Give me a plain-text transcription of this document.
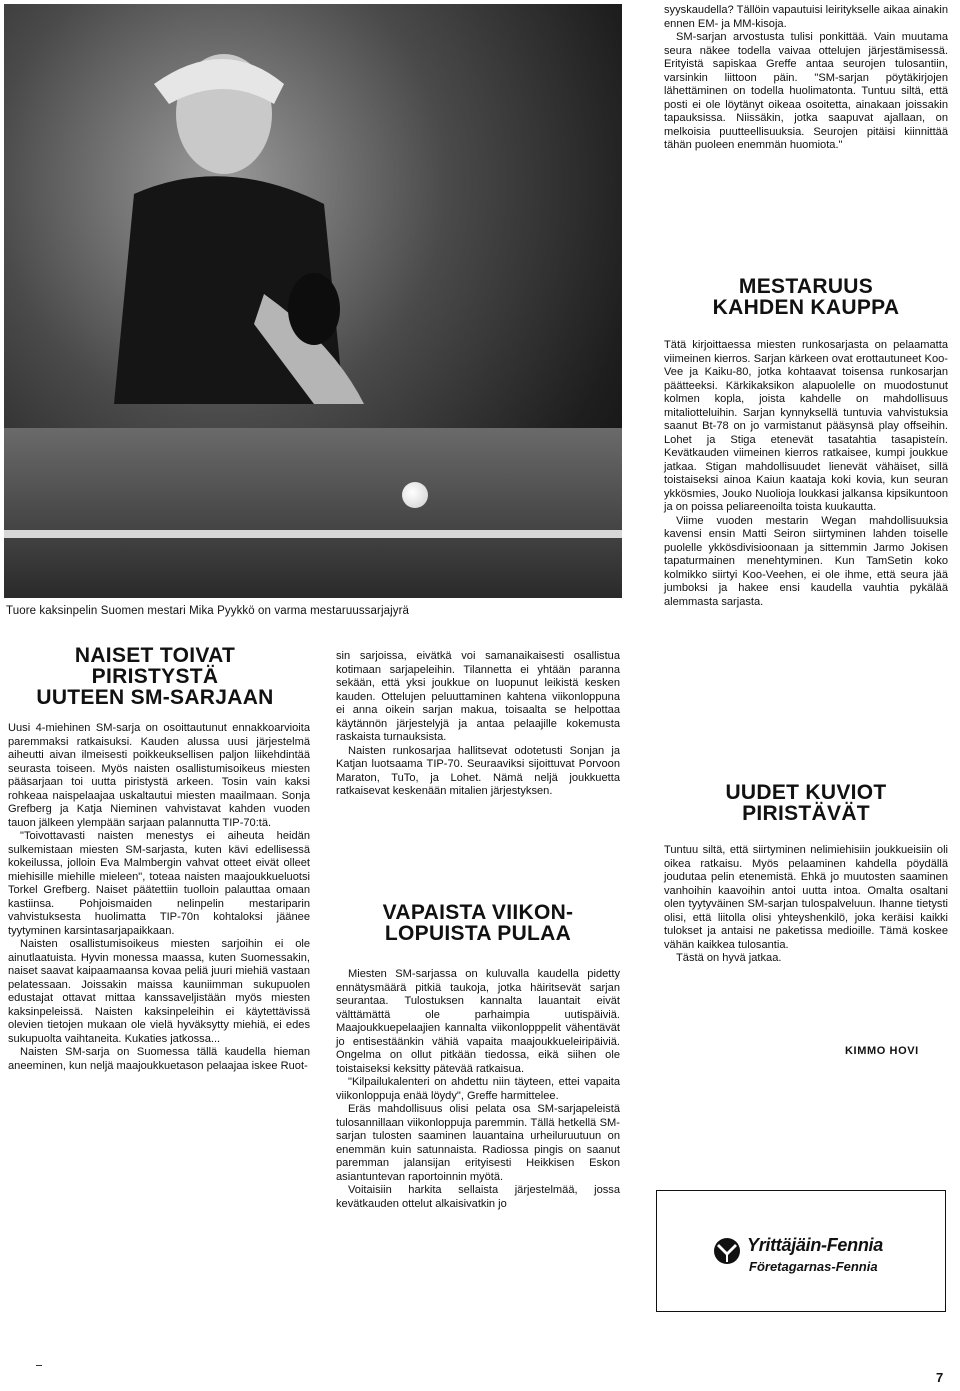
Tuore kaksinpelin Suomen mestari Mika Pyykkö on varma mestaruussarjajyrä
NAISET TOIVAT
PIRISTYSTÄ
UUTEEN SM-SARJAAN

Uusi 4-miehinen SM-sarja on osoittautunut ennakkoarvioita paremmaksi ratkaisuksi. Kauden alussa uusi järjestelmä aiheutti aivan ilmeisesti poikkeuksellisen paljon liikehdintää seurasta toiseen. Myös naisten osallistumisoikeus miesten pääsarjaan toi uutta piristystä arkeen. Tosin vain kaksi rohkeaa naispelaajaa uskaltautui miesten maailmaan. Sonja Grefberg ja Katja Nieminen vahvistavat kahden vuoden tauon jälkeen ylempään sarjaan palannutta TIP-70:tä.

"Toivottavasti naisten menestys ei aiheuta heidän sulkemistaan miesten SM-sarjasta, kuten kävi edellisessä kokeilussa, jolloin Eva Malmbergin vahvat otteet eivät olleet miehisille miehille mieleen", toteaa naisten maajoukkueluotsi Torkel Grefberg. Naiset päätettiin tuolloin palauttaa omaan kastiinsa. Pohjoismaiden nelinpelin mestariparin vahvistuksesta huolimatta TIP-70n kohtaloksi jäänee tyytyminen karsintasarjapaikkaan.

Naisten osallistumisoikeus miesten sarjoihin ei ole ainutlaatuista. Hyvin monessa maassa, kuten Suomessakin, naiset saavat kaipaamaansa kovaa peliä juuri miehiä vastaan pelatessaan. Joissakin maissa kauniimman sukupuolen edustajat ottavat mittaa kanssaveljistään myös miesten kaksinpeleissä. Naisten kaksinpeleihin ei käytettävissä olevien tietojen mukaan ole vielä hyväksytty miehiä, ei edes sukupuolta vaihtaneita. Kukaties jatkossa...

Naisten SM-sarja on Suomessa tällä kaudella hieman aneeminen, kun neljä maajoukkuetason pelaajaa iskee Ruot-

sin sarjoissa, eivätkä voi samanaikaisesti osallistua kotimaan sarjapeleihin. Tilannetta ei yhtään paranna sekään, että yksi joukkue on luopunut leikistä kesken kauden. Ottelujen peluuttaminen kahtena viikonloppuna ei anna oikein sarjan makua, toisaalta se helpottaa käytännön järjestelyjä ja antaa pelaajille kokemusta raskaista turnauksista.

Naisten runkosarjaa hallitsevat odotetusti Sonjan ja Katjan luotsaama TIP-70. Seuraaviksi sijoittuvat Porvoon Maraton, TuTo, ja Lohet. Nämä neljä joukkuetta ratkaisevat keskenään mitalien järjestyksen.

VAPAISTA VIIKON-
LOPUISTA PULAA

Miesten SM-sarjassa on kuluvalla kaudella pidetty ennätysmäärä pitkiä taukoja, jotka häiritsevät sarjan seurantaa. Tulostuksen kannalta lauantait eivät välttämättä ole parhaimpia uutispäiviä. Maajoukkuepelaajien kannalta viikonlopppelit vähentävät jo entisestäänkin vähiä vapaita maajoukkueleiripäiviä. Ongelma on ollut pitkään tiedossa, eikä siihen ole toistaiseksi keksitty pätevää ratkaisua.

"Kilpailukalenteri on ahdettu niin täyteen, ettei vapaita viikonloppuja enää löydy", Greffe harmittelee.

Eräs mahdollisuus olisi pelata osa SM-sarjapeleistä tulosannillaan viikonloppuja paremmin. Tällä hetkellä SM-sarjan tulosten saaminen lauantaina urheiluruutuun on enemmän kuin satunnaista. Radiossa pingis on saanut paremman jalansijan erityisesti Heikkisen Eskon asiantuntevan raportoinnin myötä.

Voitaisiin harkita sellaista järjestelmää, jossa kevätkauden ottelut alkaisivatkin jo

syyskaudella? Tällöin vapautuisi leiritykselle aikaa ainakin ennen EM- ja MM-kisoja.

SM-sarjan arvostusta tulisi ponkittää. Vain muutama seura näkee todella vaivaa ottelujen järjestämisessä. Erityistä sapiskaa Greffe antaa seurojen tulosantiin, varsinkin liittoon päin. "SM-sarjan pöytäkirjojen lähettäminen on todella huolimatonta. Tuntuu siltä, että posti ei ole löytänyt oikeaa osoitetta, ainakaan joissakin tapauksissa. Niissäkin, jotka saapuvat ajallaan, on melkoisia puutteellisuuksia. Seurojen pitäisi kiinnittää tähän puoleen enemmän huomiota."

MESTARUUS
KAHDEN KAUPPA

Tätä kirjoittaessa miesten runkosarjasta on pelaamatta viimeinen kierros. Sarjan kärkeen ovat erottautuneet Koo-Vee ja Kaiku-80, jotka kohtaavat toisensa runkosarjan päätteeksi. Kärkikaksikon alapuolelle on muodostunut kolmen kopla, joista kahdelle on mahdollisuus mitaliotteluihin. Sarjan kynnyksellä tuntuvia vahvistuksia saanut Bt-78 on jo varmistanut pääsynsä play offseihin. Lohet ja Stiga etenevät tasatahtia tasapisteín. Kevätkauden viimeinen kierros ratkaisee, kumpi joukkue jatkaa. Stigan mahdollisuudet lienevät vähäiset, sillä toistaiseksi ainoa Kaiun kaataja koki kovia, kun seuran ykkösmies, Jouko Nuolioja loukkasi jalkansa kipsikuntoon ja on poissa peliareenoilta toista kuukautta.

Viime vuoden mestarin Wegan mahdollisuuksia kavensi ensin Matti Seiron siirtyminen lahden toiselle puolelle ykkösdivisioonaan ja sittemmin Jarmo Jokisen tapaturmainen menehtyminen. Kun TamSetin koko kolmikko siirtyi Koo-Veehen, ei ole ihme, että seura jää jumboksi ja hakee ensi kaudella vauhtia pykälää alemmasta sarjasta.

UUDET KUVIOT
PIRISTÄVÄT

Tuntuu siltä, että siirtyminen nelimiehisiin joukkueisiin oli oikea ratkaisu. Myös pelaaminen kahdella pöydällä joudutaa pelin etenemistä. Ehkä jo muutosten saaminen vanhoihin kaavoihin antoi uutta intoa. Omalta osaltani olen tyytyväinen SM-sarjan tulospalveluun. Ihanne tietysti olisi, että liitolla olisi yhteyshenkilö, joka keräisi kaikki tulokset ja antaisi ne paketissa medioille. Tämä koskee vähän kaikkea tulosantia.

Tästä on hyvä jatkaa.

KIMMO HOVI
Yrittäjäin-Fennia
Företagarnas-Fennia
7
